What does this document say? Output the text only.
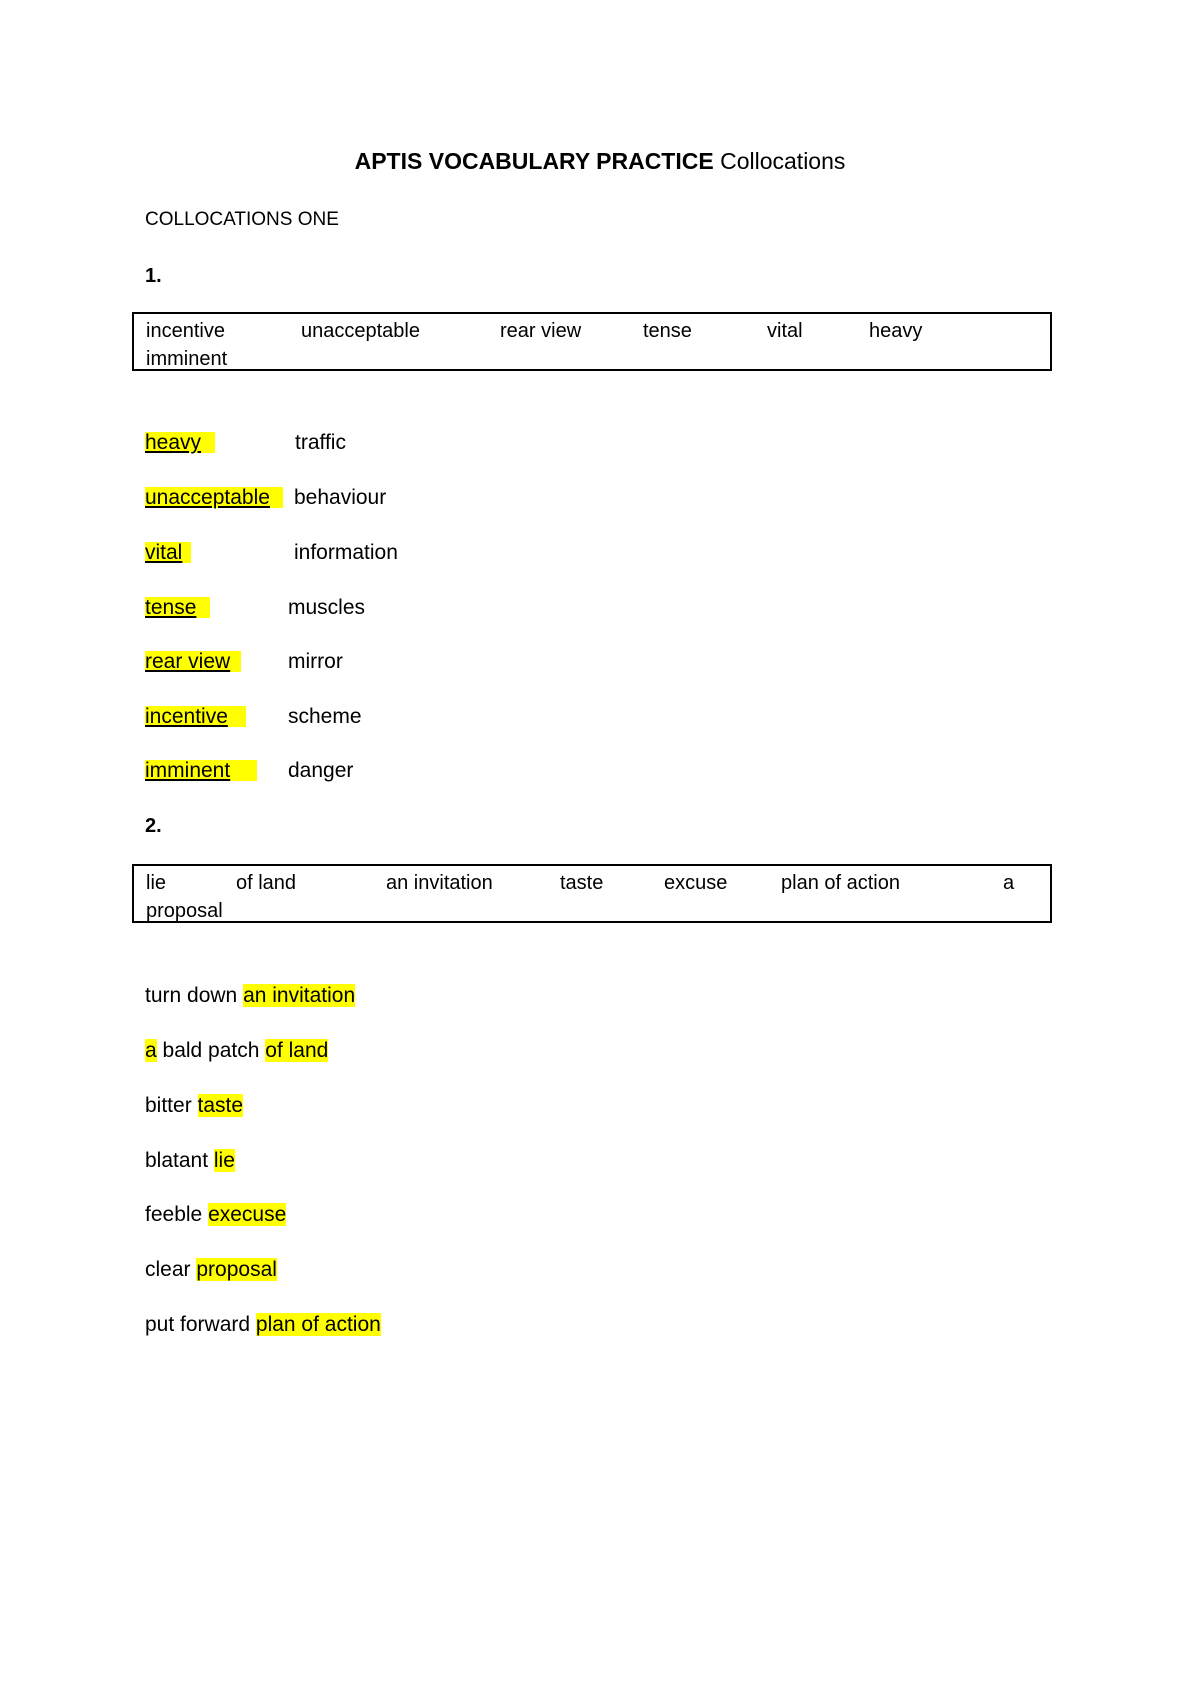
APTIS VOCABULARY PRACTICE Collocations
COLLOCATIONS ONE
1.
incentive	unacceptable	rear view	tense	vital	heavy
imminent
heavy	traffic
unacceptable	behaviour
vital	information
tense	muscles
rear view	mirror
incentive	scheme
imminent	danger
2.
lie	of land	an invitation	taste	excuse	plan of action	a
proposal
turn down an invitation
a bald patch of land
bitter taste
blatant lie
feeble execuse
clear proposal
put forward plan of action
